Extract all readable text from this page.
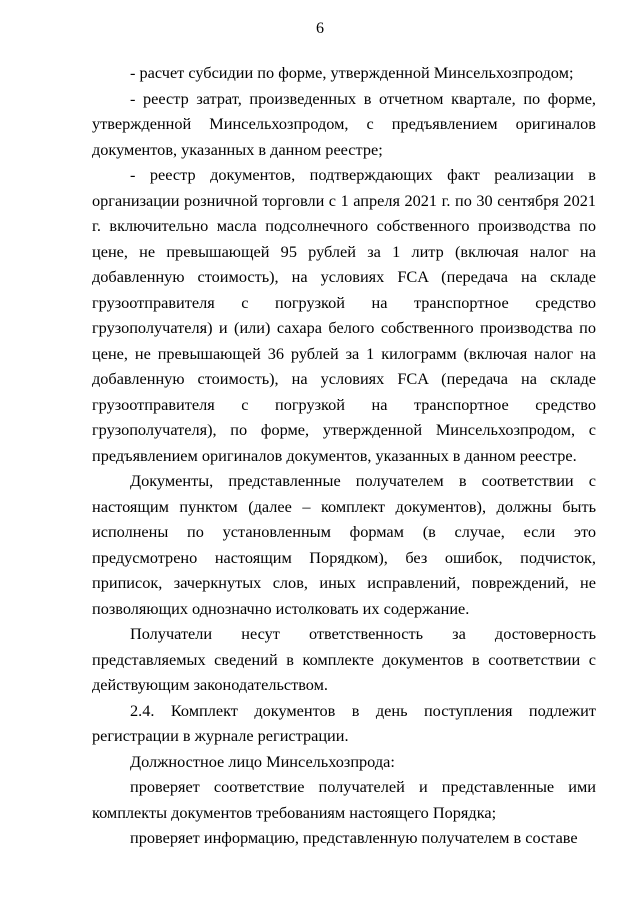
6

- расчет субсидии по форме, утвержденной Минсельхозпродом;

- реестр затрат, произведенных в отчетном квартале, по форме, утвержденной Минсельхозпродом, с предъявлением оригиналов документов, указанных в данном реестре;

- реестр документов, подтверждающих факт реализации в организации розничной торговли с 1 апреля 2021 г. по 30 сентября 2021 г. включительно масла подсолнечного собственного производства по цене, не превышающей 95 рублей за 1 литр (включая налог на добавленную стоимость), на условиях FCA (передача на складе грузоотправителя с погрузкой на транспортное средство грузополучателя) и (или) сахара белого собственного производства по цене, не превышающей 36 рублей за 1 килограмм (включая налог на добавленную стоимость), на условиях FCA (передача на складе грузоотправителя с погрузкой на транспортное средство грузополучателя), по форме, утвержденной Минсельхозпродом, с предъявлением оригиналов документов, указанных в данном реестре.

Документы, представленные получателем в соответствии с настоящим пунктом (далее – комплект документов), должны быть исполнены по установленным формам (в случае, если это предусмотрено настоящим Порядком), без ошибок, подчисток, приписок, зачеркнутых слов, иных исправлений, повреждений, не позволяющих однозначно истолковать их содержание.

Получатели несут ответственность за достоверность представляемых сведений в комплекте документов в соответствии с действующим законодательством.

2.4. Комплект документов в день поступления подлежит регистрации в журнале регистрации.

Должностное лицо Минсельхозпрода:

проверяет соответствие получателей и представленные ими комплекты документов требованиям настоящего Порядка;

проверяет информацию, представленную получателем в составе
